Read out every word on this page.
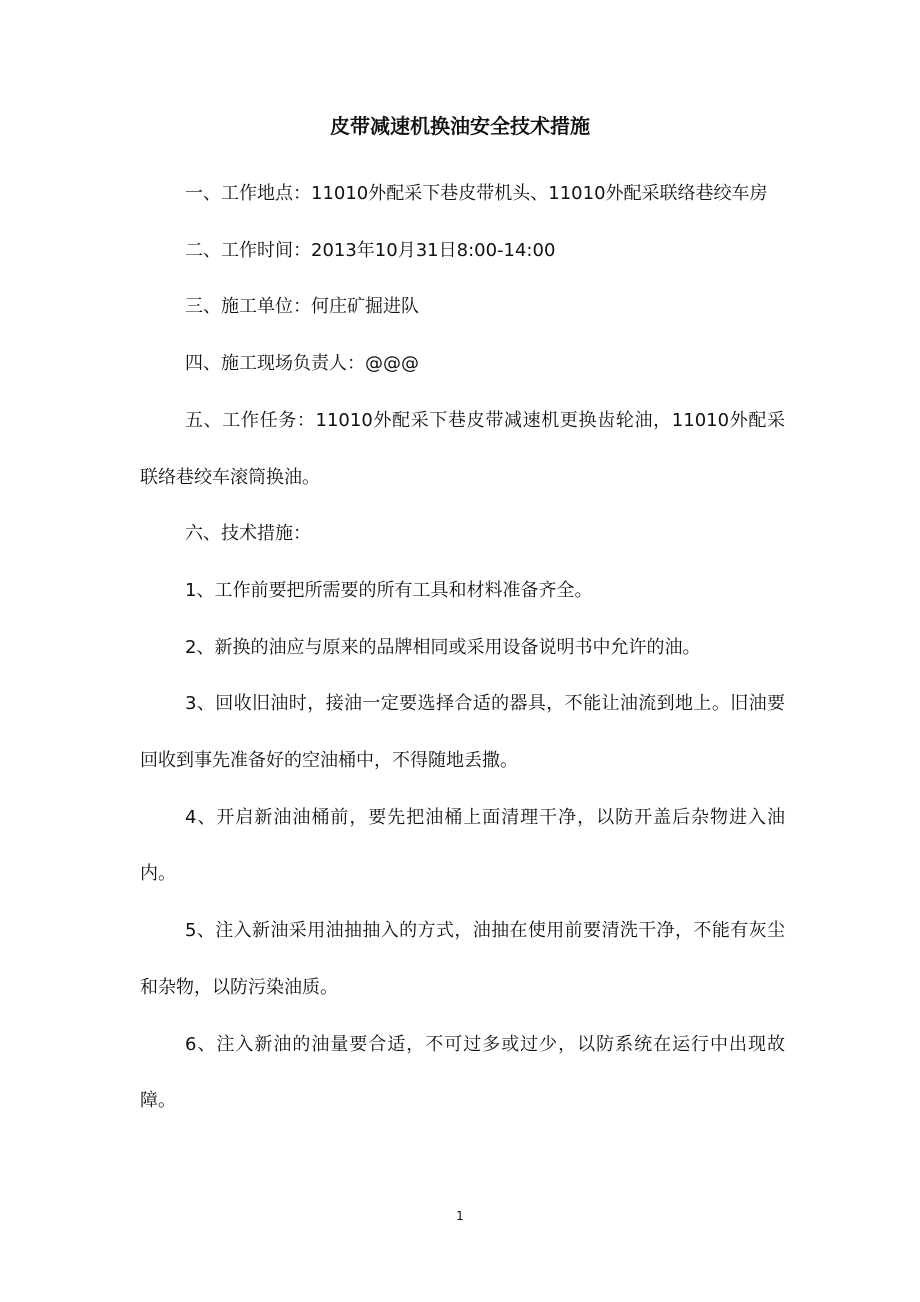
皮带减速机换油安全技术措施

一、工作地点：11010外配采下巷皮带机头、11010外配采联络巷绞车房

二、工作时间：2013年10月31日8:00-14:00

三、施工单位：何庄矿掘进队

四、施工现场负责人：@@@

五、工作任务：11010外配采下巷皮带减速机更换齿轮油，11010外配采联络巷绞车滚筒换油。

六、技术措施：

1、工作前要把所需要的所有工具和材料准备齐全。

2、新换的油应与原来的品牌相同或采用设备说明书中允许的油。

3、回收旧油时，接油一定要选择合适的器具，不能让油流到地上。旧油要回收到事先准备好的空油桶中，不得随地丢撒。

4、开启新油油桶前，要先把油桶上面清理干净，以防开盖后杂物进入油内。

5、注入新油采用油抽抽入的方式，油抽在使用前要清洗干净，不能有灰尘和杂物，以防污染油质。

6、注入新油的油量要合适，不可过多或过少，以防系统在运行中出现故障。

1
